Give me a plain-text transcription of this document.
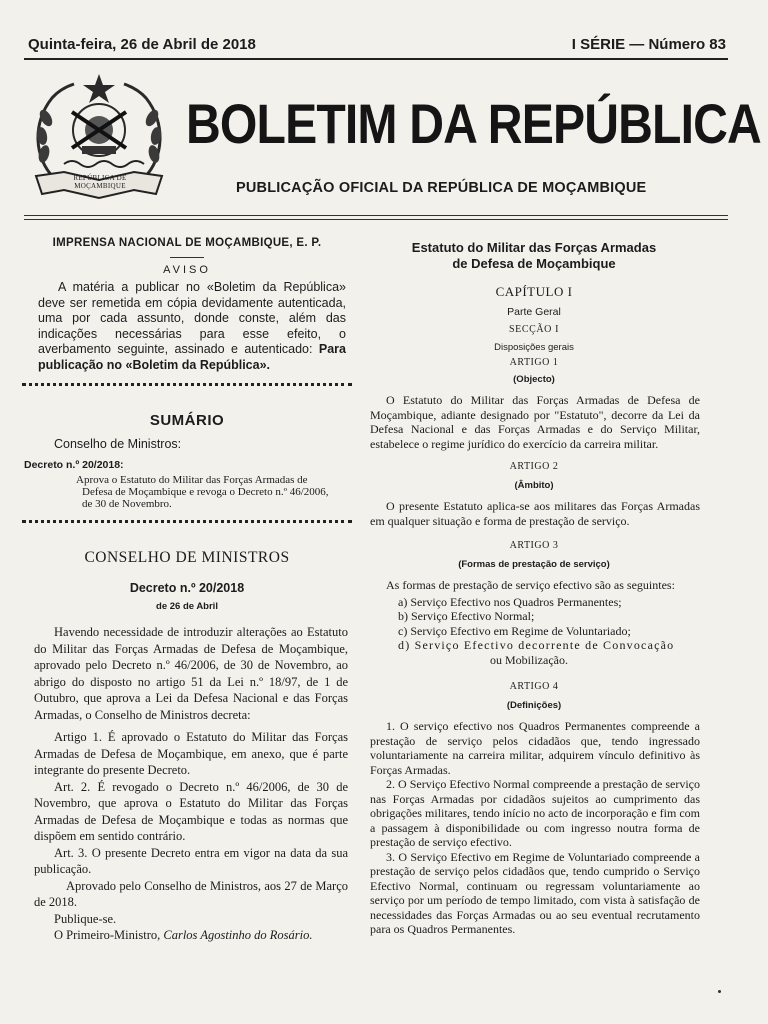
Quinta-feira, 26 de Abril de 2018	I SÉRIE — Número 83
REPÚBLICA DE MOÇAMBIQUE
BOLETIM DA REPÚBLICA
PUBLICAÇÃO OFICIAL DA REPÚBLICA DE MOÇAMBIQUE
IMPRENSA NACIONAL DE MOÇAMBIQUE, E. P.
AVISO

A matéria a publicar no «Boletim da República» deve ser remetida em cópia devidamente autenticada, uma por cada assunto, donde conste, além das indicações necessárias para esse efeito, o averbamento seguinte, assinado e autenticado: Para publicação no «Boletim da República».

SUMÁRIO
Conselho de Ministros:
Decreto n.º 20/2018:
Aprova o Estatuto do Militar das Forças Armadas de Defesa de Moçambique e revoga o Decreto n.º 46/2006, de 30 de Novembro.
CONSELHO DE MINISTROS
Decreto n.º 20/2018
de 26 de Abril

Havendo necessidade de introduzir alterações ao Estatuto do Militar das Forças Armadas de Defesa de Moçambique, aprovado pelo Decreto n.º 46/2006, de 30 de Novembro, ao abrigo do disposto no artigo 51 da Lei n.º 18/97, de 1 de Outubro, que aprova a Lei da Defesa Nacional e das Forças Armadas, o Conselho de Ministros decreta:

Artigo 1. É aprovado o Estatuto do Militar das Forças Armadas de Defesa de Moçambique, em anexo, que é parte integrante do presente Decreto.

Art. 2. É revogado o Decreto n.º 46/2006, de 30 de Novembro, que aprova o Estatuto do Militar das Forças Armadas de Defesa de Moçambique e todas as normas que dispõem em sentido contrário.

Art. 3. O presente Decreto entra em vigor na data da sua publicação.

Aprovado pelo Conselho de Ministros, aos 27 de Março de 2018.

Publique-se.

O Primeiro-Ministro, Carlos Agostinho do Rosário.

Estatuto do Militar das Forças Armadas
de Defesa de Moçambique
CAPÍTULO I
Parte Geral
SECÇÃO I
Disposições gerais
ARTIGO 1
(Objecto)

O Estatuto do Militar das Forças Armadas de Defesa de Moçambique, adiante designado por "Estatuto", decorre da Lei da Defesa Nacional e das Forças Armadas e do Serviço Militar, estabelece o regime jurídico do exercício da carreira militar.

ARTIGO 2
(Âmbito)

O presente Estatuto aplica-se aos militares das Forças Armadas em qualquer situação e forma de prestação de serviço.

ARTIGO 3
(Formas de prestação de serviço)

As formas de prestação de serviço efectivo são as seguintes:

a) Serviço Efectivo nos Quadros Permanentes;
b) Serviço Efectivo Normal;
c) Serviço Efectivo em Regime de Voluntariado;
d) Serviço Efectivo decorrente de Convocação
ou Mobilização.
ARTIGO 4
(Definições)

1. O serviço efectivo nos Quadros Permanentes compreende a prestação de serviço pelos cidadãos que, tendo ingressado voluntariamente na carreira militar, adquirem vínculo definitivo às Forças Armadas.

2. O Serviço Efectivo Normal compreende a prestação de serviço nas Forças Armadas por cidadãos sujeitos ao cumprimento das obrigações militares, tendo início no acto de incorporação e fim com a passagem à disponibilidade ou com ingresso noutra forma de prestação de serviço efectivo.

3. O Serviço Efectivo em Regime de Voluntariado compreende a prestação de serviço pelos cidadãos que, tendo cumprido o Serviço Efectivo Normal, continuam ou regressam voluntariamente ao serviço por um período de tempo limitado, com vista à satisfação de necessidades das Forças Armadas ou ao seu eventual recrutamento para os Quadros Permanentes.
